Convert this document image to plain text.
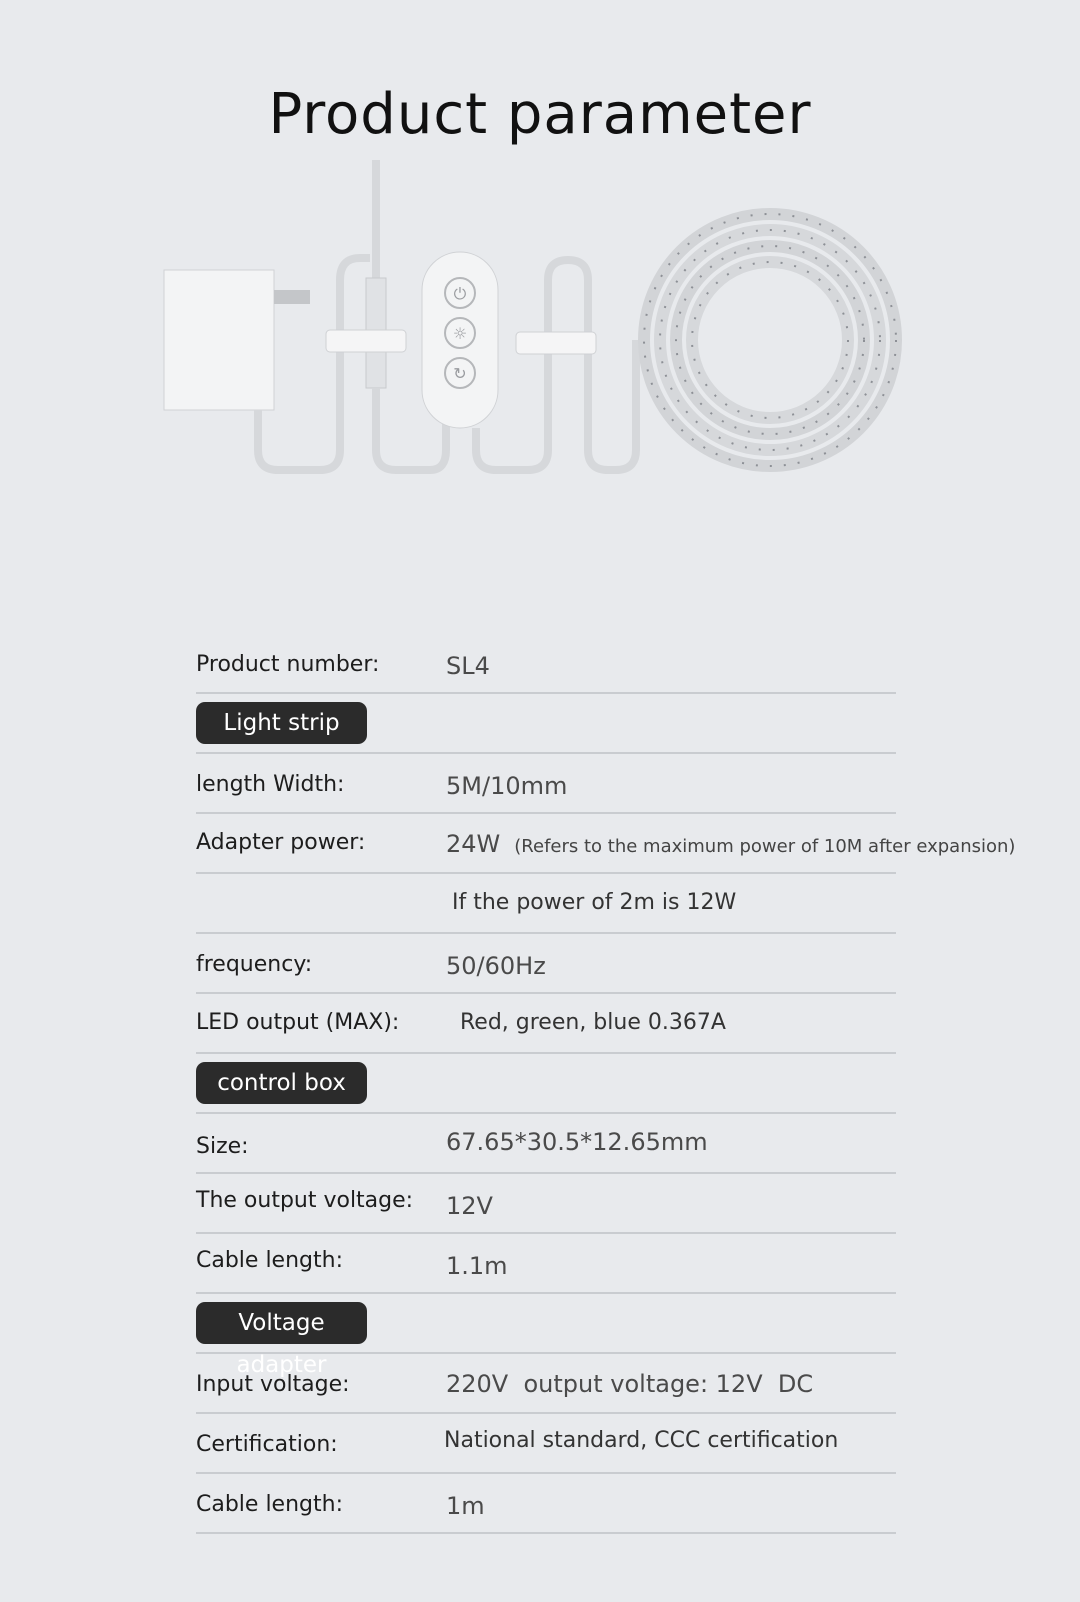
Product parameter
⏻
☼
↻
Product number:	SL4
Light strip
length Width:	5M/10mm
Adapter power:	24W (Refers to the maximum power of 10M after expansion)
If the power of 2m is 12W
frequency:	50/60Hz
LED output (MAX):	Red, green, blue 0.367A
control box
Size:	67.65*30.5*12.65mm
The output voltage: 12V
Cable length:	1.1m
Voltage adapter
Input voltage:	220V  output voltage: 12V  DC
Certification:	National standard, CCC certification
Cable length:	1m
